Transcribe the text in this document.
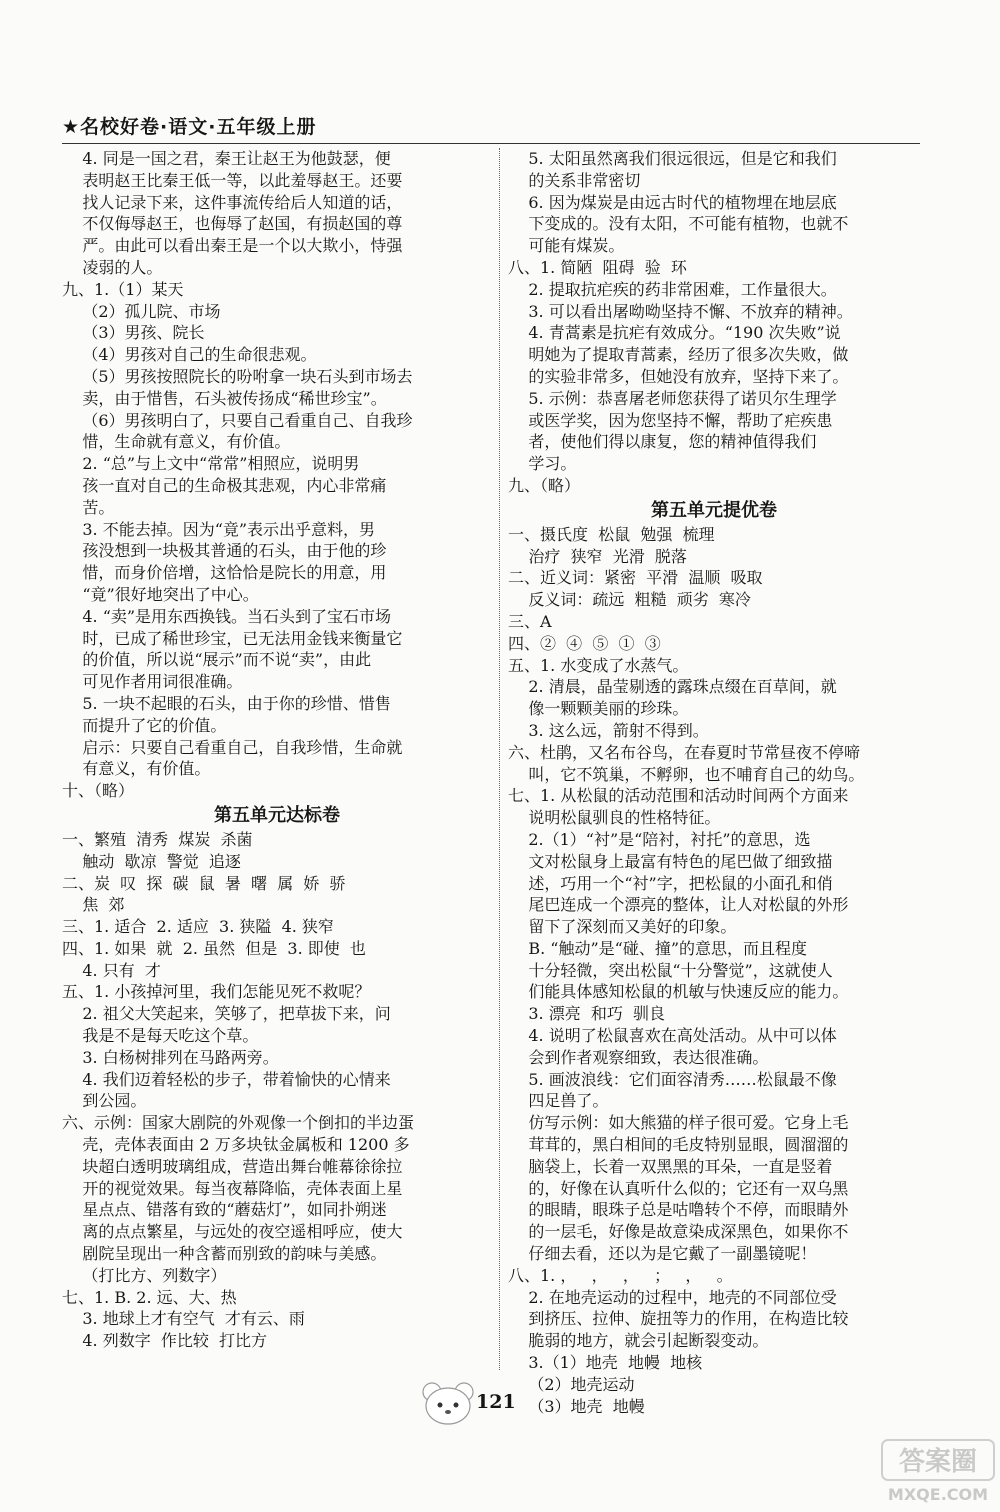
★名校好卷·语文·五年级上册
4. 同是一国之君，秦王让赵王为他鼓瑟，便
表明赵王比秦王低一等，以此羞辱赵王。还要
找人记录下来，这件事流传给后人知道的话，
不仅侮辱赵王，也侮辱了赵国，有损赵国的尊
严。由此可以看出秦王是一个以大欺小，恃强
凌弱的人。
九、1.（1）某天
（2）孤儿院、市场
（3）男孩、院长
（4）男孩对自己的生命很悲观。
（5）男孩按照院长的吩咐拿一块石头到市场去
卖，由于惜售，石头被传扬成“稀世珍宝”。
（6）男孩明白了，只要自己看重自己、自我珍
惜，生命就有意义，有价值。
2. “总”与上文中“常常”相照应，说明男
孩一直对自己的生命极其悲观，内心非常痛
苦。
3. 不能去掉。因为“竟”表示出乎意料，男
孩没想到一块极其普通的石头，由于他的珍
惜，而身价倍增，这恰恰是院长的用意，用
“竟”很好地突出了中心。
4. “卖”是用东西换钱。当石头到了宝石市场
时，已成了稀世珍宝，已无法用金钱来衡量它
的价值，所以说“展示”而不说“卖”，由此
可见作者用词很准确。
5. 一块不起眼的石头，由于你的珍惜、惜售
而提升了它的价值。
启示：只要自己看重自己，自我珍惜，生命就
有意义，有价值。
十、（略）
第五单元达标卷
一、繁殖  清秀  煤炭  杀菌
触动  歇凉  警觉  追逐
二、炭  叹  探  碳  鼠  暑  曙  属  娇  骄
焦  郊
三、1. 适合  2. 适应  3. 狭隘  4. 狭窄
四、1. 如果  就  2. 虽然  但是  3. 即使  也
4. 只有  才
五、1. 小孩掉河里，我们怎能见死不救呢？
2. 祖父大笑起来，笑够了，把草拔下来，问
我是不是每天吃这个草。
3. 白杨树排列在马路两旁。
4. 我们迈着轻松的步子，带着愉快的心情来
到公园。
六、示例：国家大剧院的外观像一个倒扣的半边蛋
壳，壳体表面由 2 万多块钛金属板和 1200 多
块超白透明玻璃组成，营造出舞台帷幕徐徐拉
开的视觉效果。每当夜幕降临，壳体表面上星
星点点、错落有致的“蘑菇灯”，如同扑朔迷
离的点点繁星，与远处的夜空遥相呼应，使大
剧院呈现出一种含蓄而别致的韵味与美感。
（打比方、列数字）
七、1. B. 2. 远、大、热
3. 地球上才有空气  才有云、雨
4. 列数字  作比较  打比方
5. 太阳虽然离我们很远很远，但是它和我们
的关系非常密切
6. 因为煤炭是由远古时代的植物埋在地层底
下变成的。没有太阳，不可能有植物，也就不
可能有煤炭。
八、1. 简陋  阻碍  验  环
2. 提取抗疟疾的药非常困难，工作量很大。
3. 可以看出屠呦呦坚持不懈、不放弃的精神。
4. 青蒿素是抗疟有效成分。“190 次失败”说
明她为了提取青蒿素，经历了很多次失败，做
的实验非常多，但她没有放弃，坚持下来了。
5. 示例：恭喜屠老师您获得了诺贝尔生理学
或医学奖，因为您坚持不懈，帮助了疟疾患
者，使他们得以康复，您的精神值得我们
学习。
九、（略）
第五单元提优卷
一、摄氏度  松鼠  勉强  梳理
治疗  狭窄  光滑  脱落
二、近义词：紧密  平滑  温顺  吸取
反义词：疏远  粗糙  顽劣  寒冷
三、A
四、②  ④  ⑤  ①  ③
五、1. 水变成了水蒸气。
2. 清晨，晶莹剔透的露珠点缀在百草间，就
像一颗颗美丽的珍珠。
3. 这么远，箭射不得到。
六、杜鹃，又名布谷鸟，在春夏时节常昼夜不停啼
叫，它不筑巢，不孵卵，也不哺育自己的幼鸟。
七、1. 从松鼠的活动范围和活动时间两个方面来
说明松鼠驯良的性格特征。
2.（1）“衬”是“陪衬，衬托”的意思，选
文对松鼠身上最富有特色的尾巴做了细致描
述，巧用一个“衬”字，把松鼠的小面孔和俏
尾巴连成一个漂亮的整体，让人对松鼠的外形
留下了深刻而又美好的印象。
B. “触动”是“碰、撞”的意思，而且程度
十分轻微，突出松鼠“十分警觉”，这就使人
们能具体感知松鼠的机敏与快速反应的能力。
3. 漂亮  和巧  驯良
4. 说明了松鼠喜欢在高处活动。从中可以体
会到作者观察细致，表达很准确。
5. 画波浪线：它们面容清秀……松鼠最不像
四足兽了。
仿写示例：如大熊猫的样子很可爱。它身上毛
茸茸的，黑白相间的毛皮特别显眼，圆溜溜的
脑袋上，长着一双黑黑的耳朵，一直是竖着
的，好像在认真听什么似的；它还有一双乌黑
的眼睛，眼珠子总是咕噜转个不停，而眼睛外
的一层毛，好像是故意染成深黑色，如果你不
仔细去看，还以为是它戴了一副墨镜呢！
八、1. ，   ，   ，   ；   ，   。
2. 在地壳运动的过程中，地壳的不同部位受
到挤压、拉伸、旋扭等力的作用，在构造比较
脆弱的地方，就会引起断裂变动。
3.（1）地壳  地幔  地核
（2）地壳运动
（3）地壳  地幔
121
答案圈
MXQE.COM
